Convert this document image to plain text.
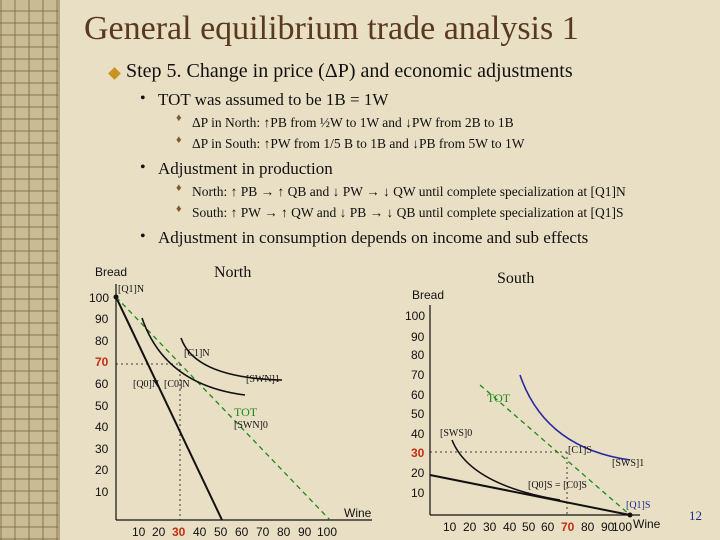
General equilibrium trade analysis 1
Step 5. Change in price (ΔP) and economic adjustments
• TOT was assumed to be 1B = 1W
♦ ΔP in North: ↑PB from ½W to 1W and ↓PW from 2B to 1B
♦ ΔP in South: ↑PW from 1/5 B to 1B and ↓PB from 5W to 1W
• Adjustment in production
♦ North: ↑ PB → ↑ QB and ↓ PW → ↓ QW until complete specialization at [Q1]N
♦ South: ↑ PW → ↑ QW and ↓ PB → ↓ QB until complete specialization at [Q1]S
• Adjustment in consumption depends on income and sub effects
North	South
Bread
Wine
100
90
80
70
60
50
40
30
20
10
10 20 30 40 50 60 70 80 90 100
[Q1]N
[C1]N
[Q0]N [C0]N	[SWN]1
[SWN]0
TOT
Bread
Wine
100
90
80
70
60
50
40
30
20
10
10 20 30 40 50 60 70 80 90
100
[Q1]S
[C1]S
[Q0]S = [C0]S
[SWS]1
[SWS]0
TOT
12
